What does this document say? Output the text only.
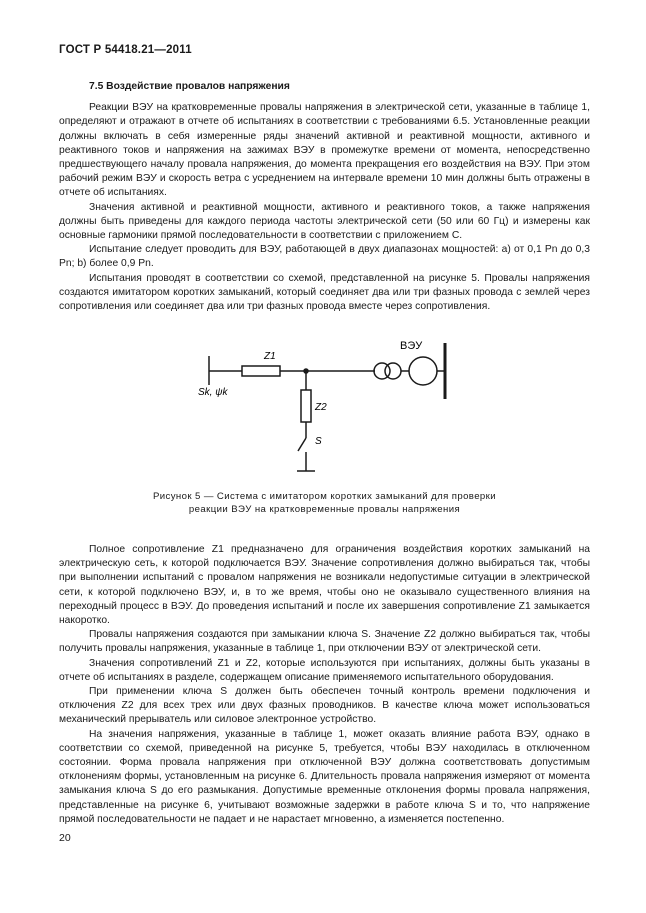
ГОСТ Р 54418.21—2011
7.5 Воздействие провалов напряжения

Реакции ВЭУ на кратковременные провалы напряжения в электрической сети, указанные в таблице 1, определяют и отражают в отчете об испытаниях в соответствии с требованиями 6.5. Установленные реакции должны включать в себя измеренные ряды значений активной и реактивной мощности, активного и реактивного токов и напряжения на зажимах ВЭУ в промежутке времени от момента, непосредственно предшествующего началу провала напряжения, до момента прекращения его воздействия на ВЭУ. При этом рабочий режим ВЭУ и скорость ветра с усреднением на интервале времени 10 мин должны быть отражены в отчете об испытаниях.

Значения активной и реактивной мощности, активного и реактивного токов, а также напряжения должны быть приведены для каждого периода частоты электрической сети (50 или 60 Гц) и измерены как основные гармоники прямой последовательности в соответствии с приложением С.

Испытание следует проводить для ВЭУ, работающей в двух диапазонах мощностей: a) от 0,1 Pn до 0,3 Pn; b) более 0,9 Pn.

Испытания проводят в соответствии со схемой, представленной на рисунке 5. Провалы напряжения создаются имитатором коротких замыканий, который соединяет два или три фазных провода с землей через сопротивления или соединяет два или три фазных провода вместе через сопротивления.

Z1
Z2
S
Sk, ψk
ВЭУ
Рисунок 5 — Система с имитатором коротких замыканий для проверки
реакции ВЭУ на кратковременные провалы напряжения

Полное сопротивление Z1 предназначено для ограничения воздействия коротких замыканий на электрическую сеть, к которой подключается ВЭУ. Значение сопротивления должно выбираться так, чтобы при выполнении испытаний с провалом напряжения не возникали недопустимые ситуации в электрической сети, к которой подключено ВЭУ, и, в то же время, чтобы оно не оказывало существенного влияния на переходный процесс в ВЭУ. До проведения испытаний и после их завершения сопротивление Z1 замыкается накоротко.

Провалы напряжения создаются при замыкании ключа S. Значение Z2 должно выбираться так, чтобы получить провалы напряжения, указанные в таблице 1, при отключении ВЭУ от электрической сети.

Значения сопротивлений Z1 и Z2, которые используются при испытаниях, должны быть указаны в отчете об испытаниях в разделе, содержащем описание применяемого испытательного оборудования.

При применении ключа S должен быть обеспечен точный контроль времени подключения и отключения Z2 для всех трех или двух фазных проводников. В качестве ключа может использоваться механический прерыватель или силовое электронное устройство.

На значения напряжения, указанные в таблице 1, может оказать влияние работа ВЭУ, однако в соответствии со схемой, приведенной на рисунке 5, требуется, чтобы ВЭУ находилась в отключенном состоянии. Форма провала напряжения при отключенной ВЭУ должна соответствовать допустимым отклонениям формы, установленным на рисунке 6. Длительность провала напряжения измеряют от момента замыкания ключа S до его размыкания. Допустимые временные отклонения формы провала напряжения, представленные на рисунке 6, учитывают возможные задержки в работе ключа S и то, что напряжение прямой последовательности не падает и не нарастает мгновенно, а изменяется постепенно.

20
